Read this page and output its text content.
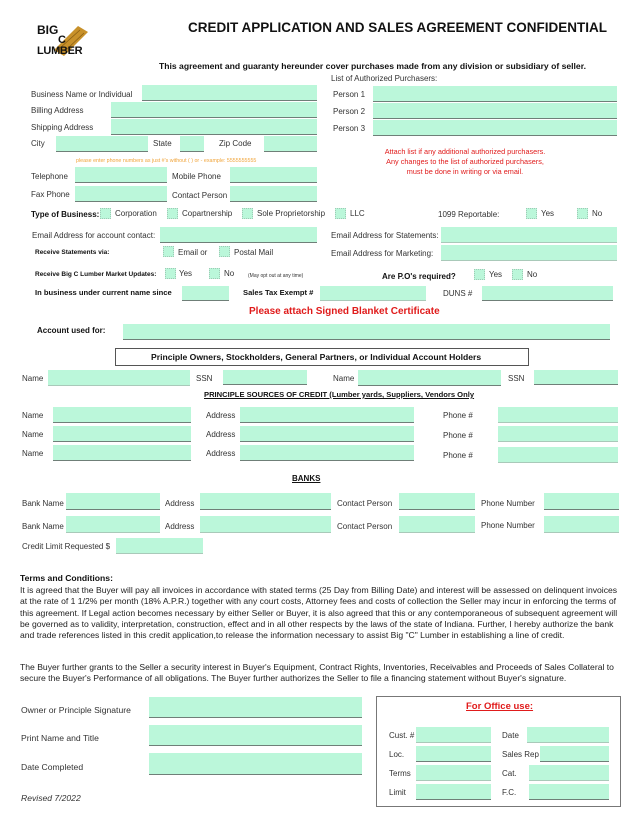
BIG
C
LUMBER
CREDIT APPLICATION AND SALES AGREEMENT CONFIDENTIAL
This agreement and guaranty hereunder cover purchases made from any division or subsidiary of seller.
Business Name or Individual
Billing Address
Shipping Address
City	State	Zip Code
please enter phone numbers as just #'s without ( ) or - example: 5555555555
Telephone	Mobile Phone
Fax Phone	Contact Person
List of Authorized Purchasers:
Person 1
Person 2
Person 3
Attach list if any additional authorized purchasers.
Any changes to the list of authorized purchasers,
must be done in writing or via email.
Type of Business: Corporation	Copartnership	Sole Proprietorship	LLC	1099 Reportable:	Yes	No
Email Address for account contact:	Email Address for Statements:
Receive Statements via:	Email or	Postal Mail	Email Address for Marketing:
Receive Big C Lumber Market Updates:	Yes	No	(May opt out at any time)	Are P.O's required?	Yes	No
In business under current name since	Sales Tax Exempt #	DUNS #
Please attach Signed Blanket Certificate
Account used for:
Principle Owners, Stockholders, General Partners, or Individual Account Holders
Name	SSN	Name	SSN
PRINCIPLE SOURCES OF CREDIT (Lumber yards, Suppliers, Vendors Only
Name	Address	Phone #
Name	Address	Phone #
Name	Address	Phone #
BANKS
Bank Name	Address	Contact Person	Phone Number
Bank Name	Address	Contact Person	Phone Number
Credit Limit Requested $
Terms and Conditions:

It is agreed that the Buyer will pay all invoices in accordance with stated terms (25 Day from Billing Date) and interest will be assessed on delinquent invoices at the rate of 1 1/2% per month (18% A.P.R.) together with any court costs, Attorney fees and costs of collection the Seller may incur in enforcing the terms of this agreement. If Legal action becomes necessary by either Seller or Buyer, it is also agreed that this or any contemporaneous of subsequent agreement will be governed as to validity, interpretation, construction, effect and in all other respects by the laws of the state of Indiana. Further, I hereby authorize the bank and trade references listed in this credit application,to release the information necessary to assist Big "C" Lumber in establishing a line of credit.

The Buyer further grants to the Seller a security interest in Buyer's Equipment, Contract Rights, Inventories, Receivables and Proceeds of Sales Collateral to secure the Buyer's Performance of all obligations. The Buyer further authorizes the Seller to file a financing statement without Buyer's signature.

Owner or Principle Signature
Print Name and Title
Date Completed
Revised 7/2022
For Office use:
Cust. #	Date
Loc.	Sales Rep
Terms	Cat.
Limit	F.C.
